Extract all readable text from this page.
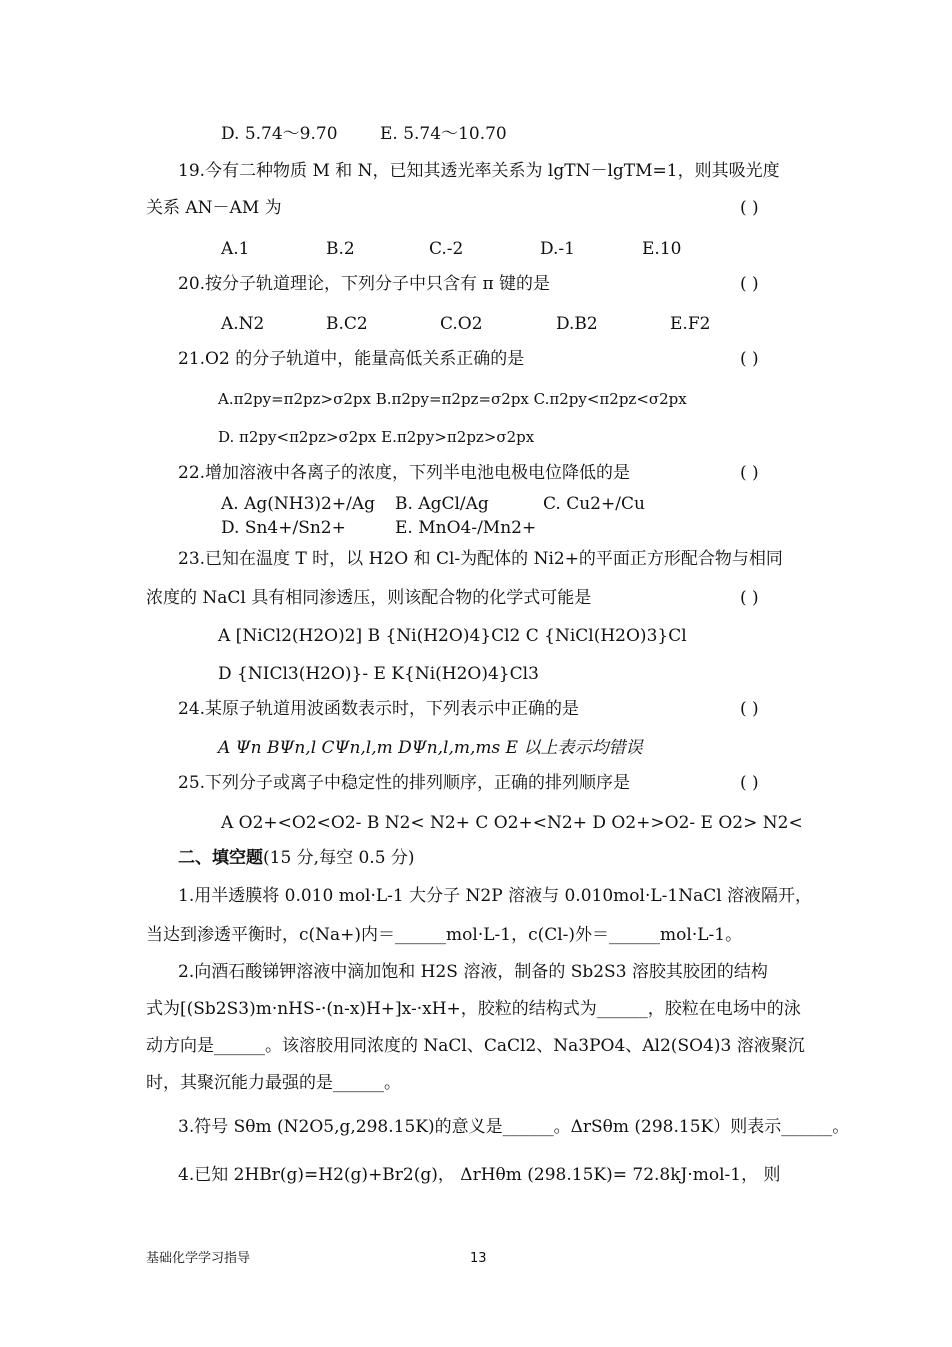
D. 5.74～9.70 E. 5.74～10.70
19.今有二种物质 M 和 N，已知其透光率关系为 lgTN－lgTM=1，则其吸光度
关系 AN－AM 为	( )
A.1	B.2	C.-2	D.-1	E.10
20.按分子轨道理论，下列分子中只含有 π 键的是	( )
A.N2	B.C2	C.O2	D.B2	E.F2
21.O2 的分子轨道中，能量高低关系正确的是	( )
A.π2py=π2pz>σ2px B.π2py=π2pz=σ2px C.π2py<π2pz<σ2px
D. π2py<π2pz>σ2px E.π2py>π2pz>σ2px
22.增加溶液中各离子的浓度，下列半电池电极电位降低的是	( )
A. Ag(NH3)2+/Ag B. AgCl/Ag	C. Cu2+/Cu
D. Sn4+/Sn2+	E. MnO4-/Mn2+
23.已知在温度 T 时，以 H2O 和 Cl-为配体的 Ni2+的平面正方形配合物与相同
浓度的 NaCl 具有相同渗透压，则该配合物的化学式可能是	( )
A [NiCl2(H2O)2] B {Ni(H2O)4}Cl2 C {NiCl(H2O)3}Cl
D {NICl3(H2O)}- E K{Ni(H2O)4}Cl3
24.某原子轨道用波函数表示时，下列表示中正确的是	( )
A Ψn BΨn,l CΨn,l,m DΨn,l,m,ms E 以上表示均错误
25.下列分子或离子中稳定性的排列顺序，正确的排列顺序是	( )
A O2+<O2<O2- B N2< N2+ C O2+<N2+ D O2+>O2- E O2> N2<
二、填空题(15 分,每空 0.5 分)
1.用半透膜将 0.010 mol·L-1 大分子 N2P 溶液与 0.010mol·L-1NaCl 溶液隔开，
当达到渗透平衡时，c(Na+)内＝______mol·L-1，c(Cl-)外＝______mol·L-1。
2.向酒石酸锑钾溶液中滴加饱和 H2S 溶液，制备的 Sb2S3 溶胶其胶团的结构
式为[(Sb2S3)m·nHS-·(n-x)H+]x-·xH+，胶粒的结构式为______，胶粒在电场中的泳
动方向是______。该溶胶用同浓度的 NaCl、CaCl2、Na3PO4、Al2(SO4)3 溶液聚沉
时，其聚沉能力最强的是______。
3.符号 Sθm (N2O5,g,298.15K)的意义是______。ΔrSθm (298.15K）则表示______。
4.已知 2HBr(g)=H2(g)+Br2(g)， ΔrHθm (298.15K)= 72.8kJ·mol-1， 则
基础化学学习指导	13
